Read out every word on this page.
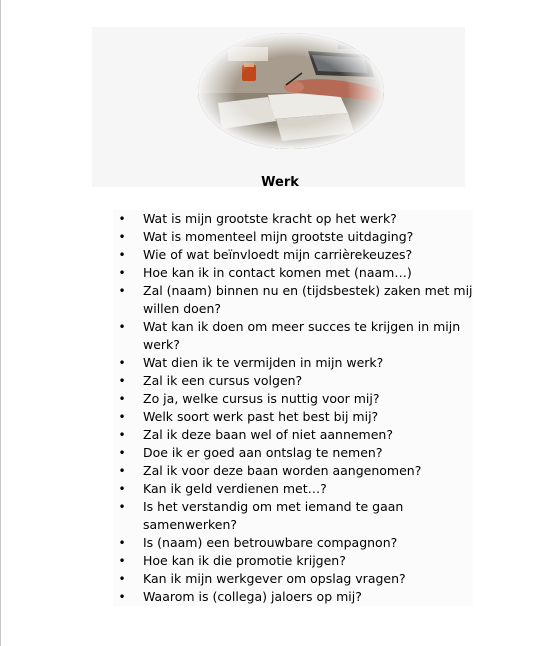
Werk
• Wat is mijn grootste kracht op het werk?
• Wat is momenteel mijn grootste uitdaging?
• Wie of wat beïnvloedt mijn carrièrekeuzes?
• Hoe kan ik in contact komen met (naam…)
• Zal (naam) binnen nu en (tijdsbestek) zaken met mij
willen doen?
• Wat kan ik doen om meer succes te krijgen in mijn
werk?
• Wat dien ik te vermijden in mijn werk?
• Zal ik een cursus volgen?
• Zo ja, welke cursus is nuttig voor mij?
• Welk soort werk past het best bij mij?
• Zal ik deze baan wel of niet aannemen?
• Doe ik er goed aan ontslag te nemen?
• Zal ik voor deze baan worden aangenomen?
• Kan ik geld verdienen met…?
• Is het verstandig om met iemand te gaan
samenwerken?
• Is (naam) een betrouwbare compagnon?
• Hoe kan ik die promotie krijgen?
• Kan ik mijn werkgever om opslag vragen?
• Waarom is (collega) jaloers op mij?
